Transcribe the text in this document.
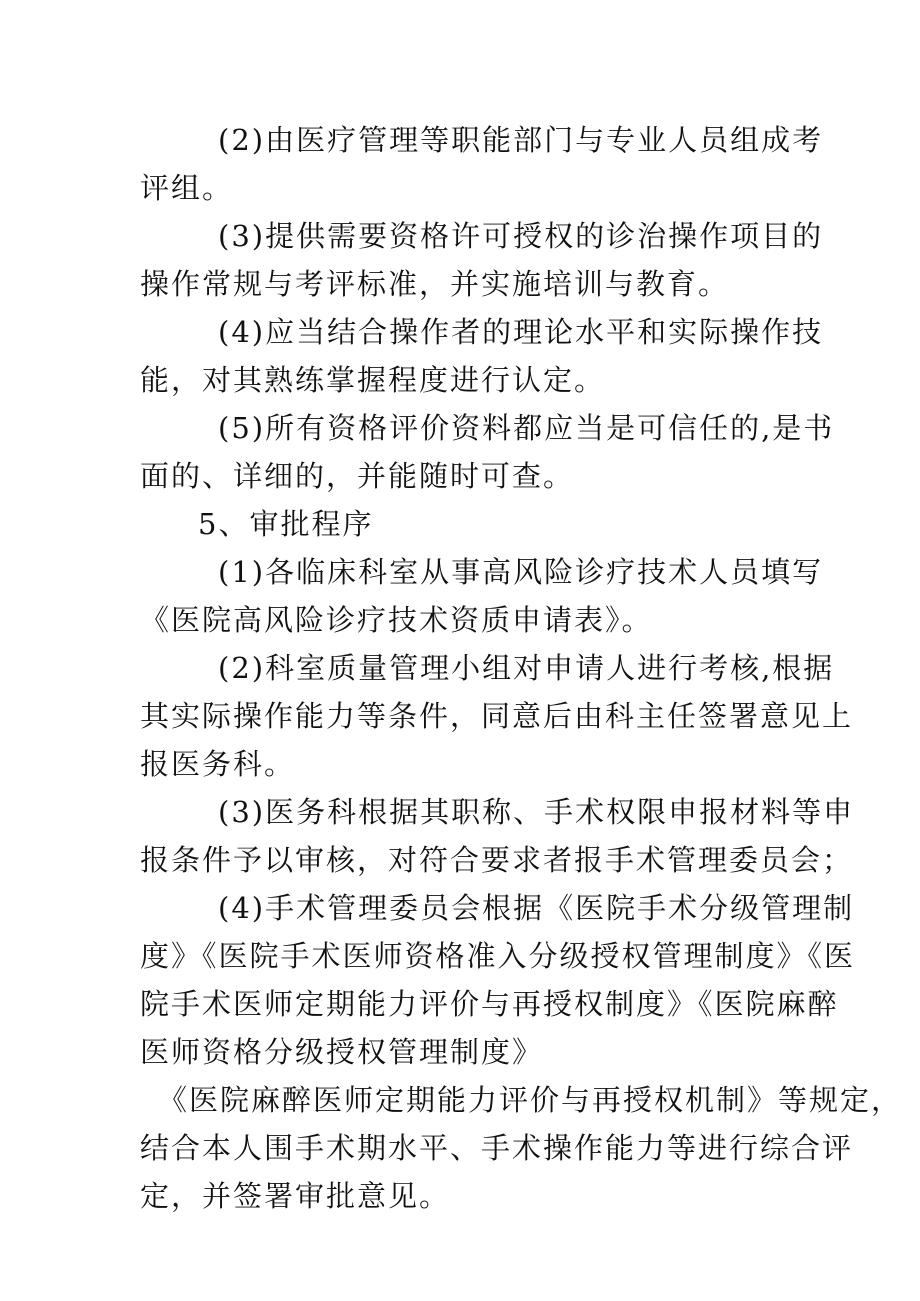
(2)由医疗管理等职能部门与专业人员组成考
评组。
(3)提供需要资格许可授权的诊治操作项目的
操作常规与考评标准，并实施培训与教育。
(4)应当结合操作者的理论水平和实际操作技
能，对其熟练掌握程度进行认定。
(5)所有资格评价资料都应当是可信任的,是书
面的、详细的，并能随时可查。
5、审批程序
(1)各临床科室从事高风险诊疗技术人员填写
《医院高风险诊疗技术资质申请表》。
(2)科室质量管理小组对申请人进行考核,根据
其实际操作能力等条件，同意后由科主任签署意见上
报医务科。
(3)医务科根据其职称、手术权限申报材料等申
报条件予以审核，对符合要求者报手术管理委员会；
(4)手术管理委员会根据《医院手术分级管理制
度》《医院手术医师资格准入分级授权管理制度》《医
院手术医师定期能力评价与再授权制度》《医院麻醉
医师资格分级授权管理制度》
《医院麻醉医师定期能力评价与再授权机制》等规定，
结合本人围手术期水平、手术操作能力等进行综合评
定，并签署审批意见。
